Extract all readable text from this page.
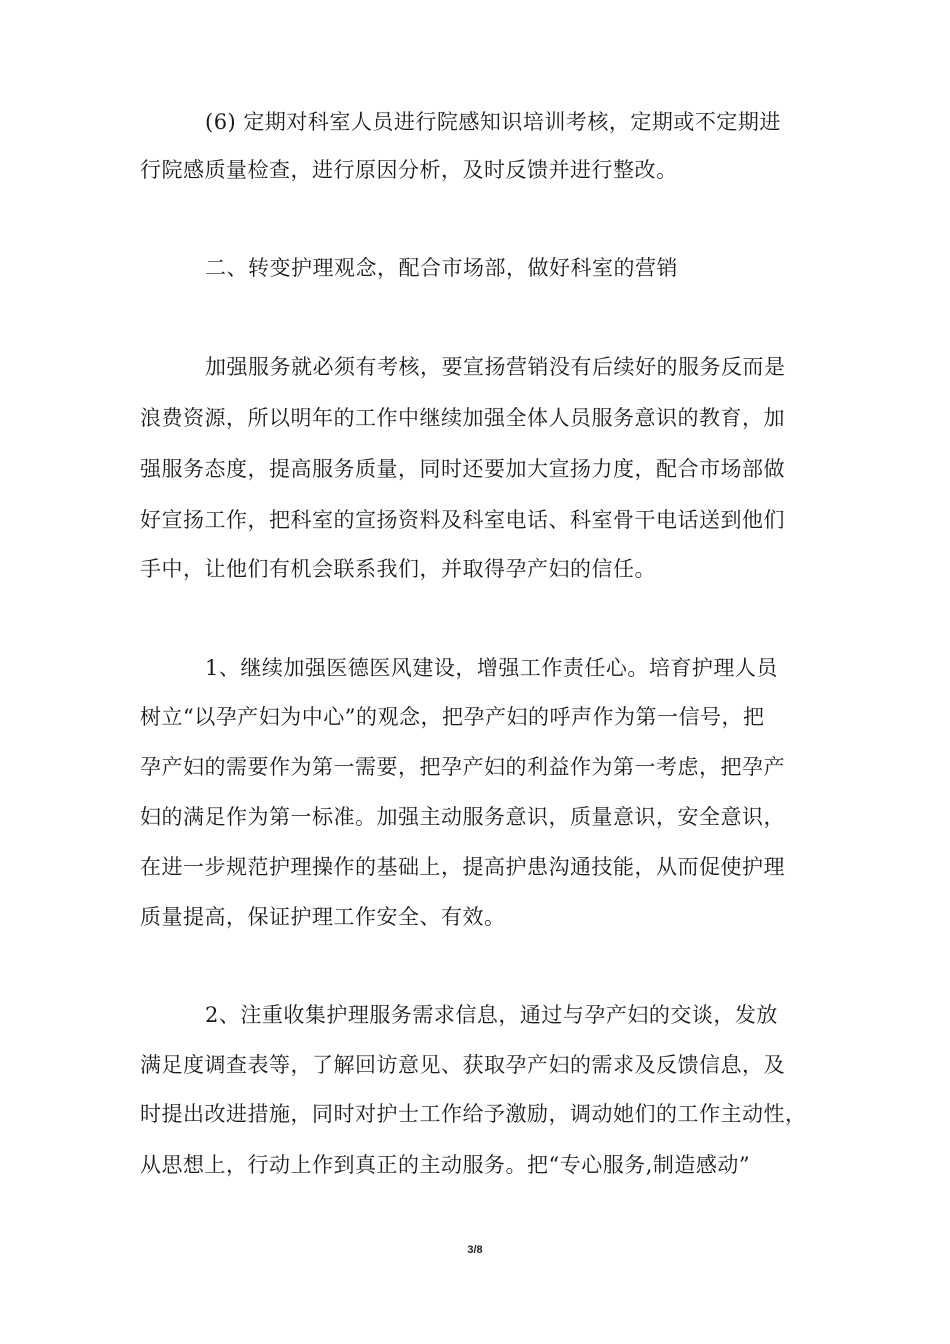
(6) 定期对科室人员进行院感知识培训考核，定期或不定期进
行院感质量检查，进行原因分析，及时反馈并进行整改。
二、转变护理观念，配合市场部，做好科室的营销
加强服务就必须有考核，要宣扬营销没有后续好的服务反而是
浪费资源，所以明年的工作中继续加强全体人员服务意识的教育，加
强服务态度，提高服务质量，同时还要加大宣扬力度，配合市场部做
好宣扬工作，把科室的宣扬资料及科室电话、科室骨干电话送到他们
手中，让他们有机会联系我们，并取得孕产妇的信任。
1、继续加强医德医风建设，增强工作责任心。培育护理人员
树立“以孕产妇为中心”的观念，把孕产妇的呼声作为第一信号，把
孕产妇的需要作为第一需要，把孕产妇的利益作为第一考虑，把孕产
妇的满足作为第一标准。加强主动服务意识，质量意识，安全意识，
在进一步规范护理操作的基础上，提高护患沟通技能，从而促使护理
质量提高，保证护理工作安全、有效。
2、注重收集护理服务需求信息，通过与孕产妇的交谈，发放
满足度调查表等，了解回访意见、获取孕产妇的需求及反馈信息，及
时提出改进措施，同时对护士工作给予激励，调动她们的工作主动性，
从思想上，行动上作到真正的主动服务。把“专心服务,制造感动”
3/8
